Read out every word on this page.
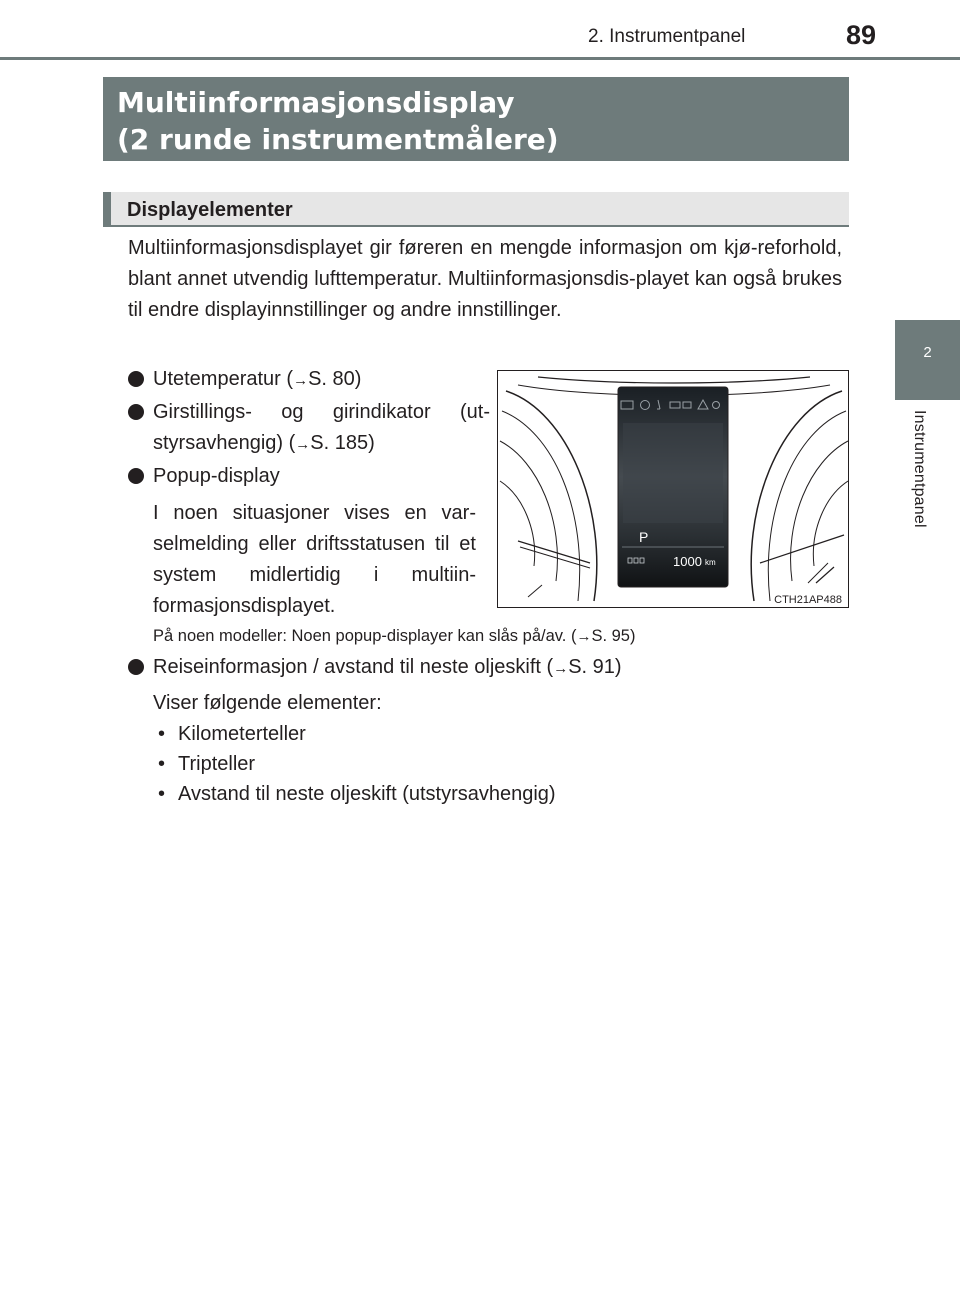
2. Instrumentpanel	89
2
Instrumentpanel
Multiinformasjonsdisplay
(2 runde instrumentmålere)
Displayelementer

Multiinformasjonsdisplayet gir føreren en mengde informasjon om kjø-reforhold, blant annet utvendig lufttemperatur. Multiinformasjonsdis-playet kan også brukes til endre displayinnstillinger og andre innstillinger.

Utetemperatur (→S. 80)
Girstillings- og girindikator (ut-
styrsavhengig) (→S. 185)
Popup-display

I noen situasjoner vises en var-selmelding eller driftsstatusen til et system midlertidig i multiin-formasjonsdisplayet.

På noen modeller: Noen popup-displayer kan slås på/av. (→S. 95)
Reiseinformasjon / avstand til neste oljeskift (→S. 91)

Viser følgende elementer:

• Kilometerteller
• Tripteller
• Avstand til neste oljeskift (utstyrsavhengig)
P
1000 km
CTH21AP488
